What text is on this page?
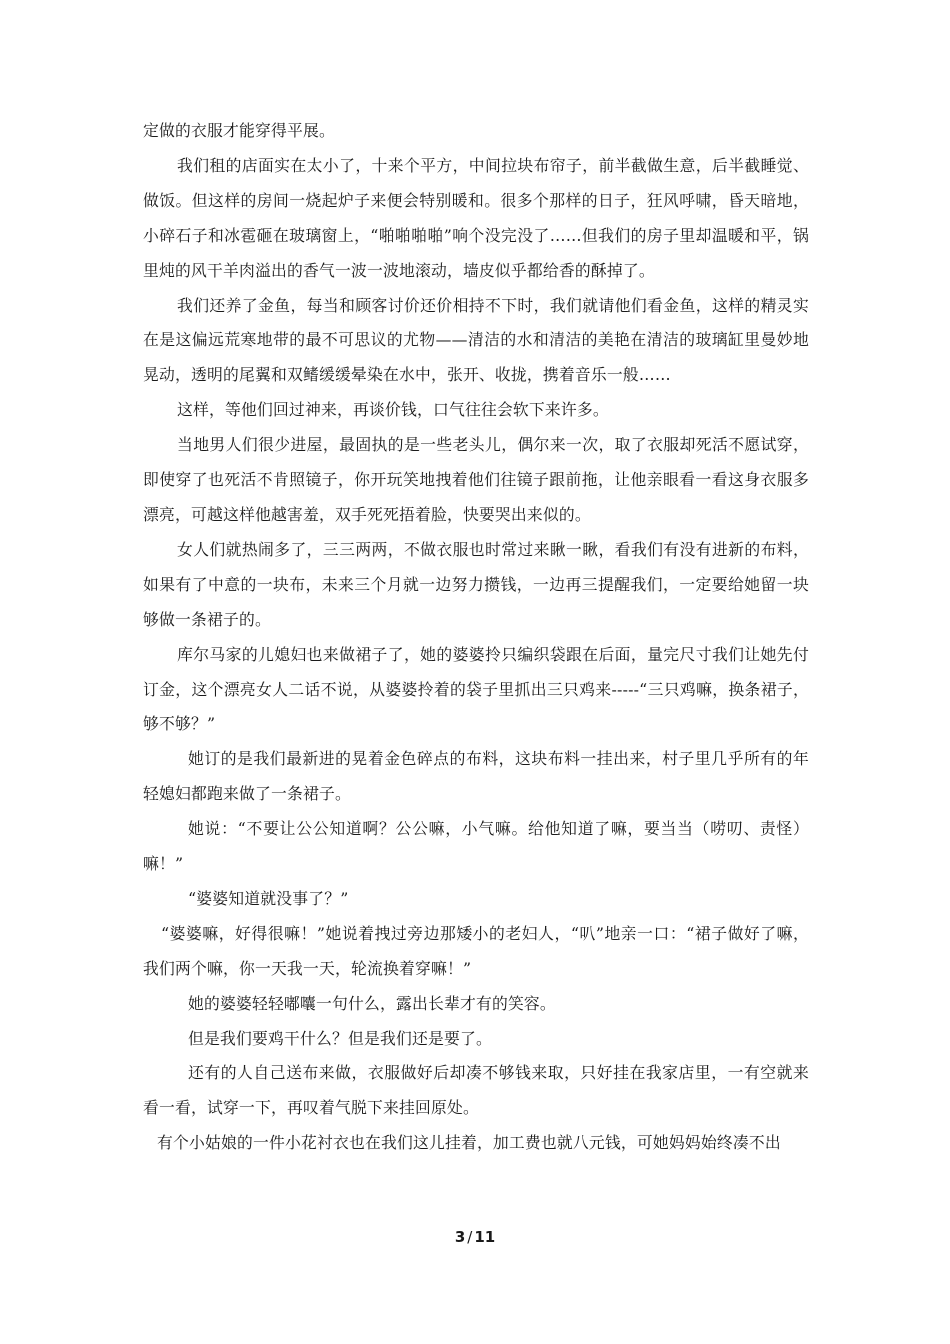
定做的衣服才能穿得平展。

我们租的店面实在太小了，十来个平方，中间拉块布帘子，前半截做生意，后半截睡觉、做饭。但这样的房间一烧起炉子来便会特别暖和。很多个那样的日子，狂风呼啸，昏天暗地，小碎石子和冰雹砸在玻璃窗上，“啪啪啪啪”响个没完没了……但我们的房子里却温暖和平，锅里炖的风干羊肉溢出的香气一波一波地滚动，墙皮似乎都给香的酥掉了。

我们还养了金鱼，每当和顾客讨价还价相持不下时，我们就请他们看金鱼，这样的精灵实在是这偏远荒寒地带的最不可思议的尤物——清洁的水和清洁的美艳在清洁的玻璃缸里曼妙地晃动，透明的尾翼和双鳍缓缓晕染在水中，张开、收拢，携着音乐一般……

这样，等他们回过神来，再谈价钱，口气往往会软下来许多。

当地男人们很少进屋，最固执的是一些老头儿，偶尔来一次，取了衣服却死活不愿试穿，即使穿了也死活不肯照镜子，你开玩笑地拽着他们往镜子跟前拖，让他亲眼看一看这身衣服多漂亮，可越这样他越害羞，双手死死捂着脸，快要哭出来似的。

女人们就热闹多了，三三两两，不做衣服也时常过来瞅一瞅，看我们有没有进新的布料，如果有了中意的一块布，未来三个月就一边努力攒钱，一边再三提醒我们，一定要给她留一块够做一条裙子的。

库尔马家的儿媳妇也来做裙子了，她的婆婆拎只编织袋跟在后面，量完尺寸我们让她先付订金，这个漂亮女人二话不说，从婆婆拎着的袋子里抓出三只鸡来-----“三只鸡嘛，换条裙子，够不够？”

她订的是我们最新进的晃着金色碎点的布料，这块布料一挂出来，村子里几乎所有的年轻媳妇都跑来做了一条裙子。

她说：“不要让公公知道啊？公公嘛，小气嘛。给他知道了嘛，要当当（唠叨、责怪）嘛！”

“婆婆知道就没事了？”

“婆婆嘛，好得很嘛！”她说着拽过旁边那矮小的老妇人，“叭”地亲一口：“裙子做好了嘛，我们两个嘛，你一天我一天，轮流换着穿嘛！”

她的婆婆轻轻嘟囔一句什么，露出长辈才有的笑容。

但是我们要鸡干什么？但是我们还是要了。

还有的人自己送布来做，衣服做好后却凑不够钱来取，只好挂在我家店里，一有空就来看一看，试穿一下，再叹着气脱下来挂回原处。

有个小姑娘的一件小花衬衣也在我们这儿挂着，加工费也就八元钱，可她妈妈始终凑不出

3 / 11
